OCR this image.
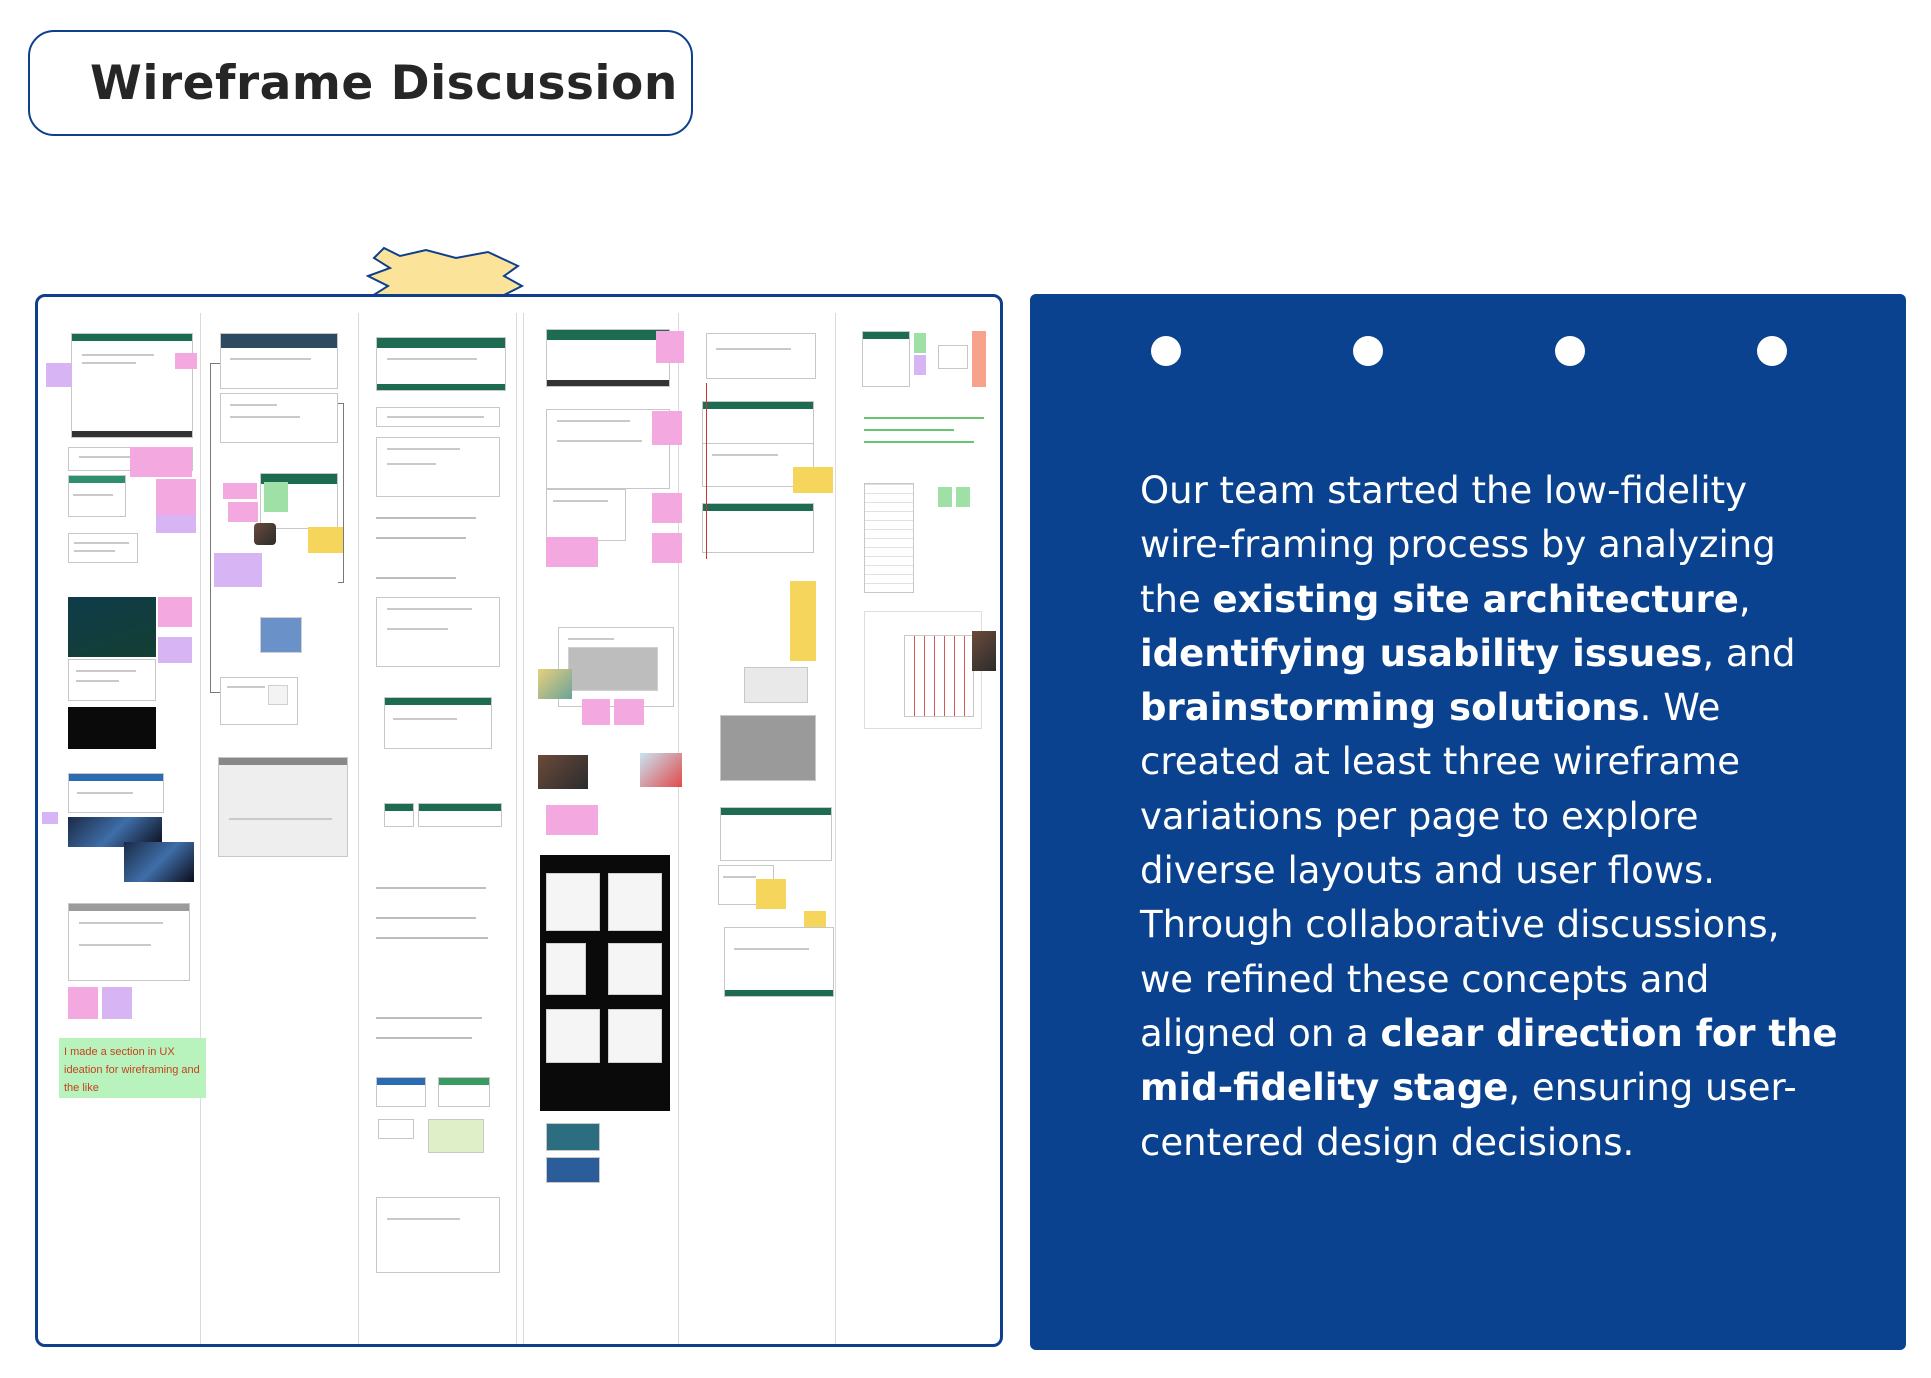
Wireframe Discussion
I made a section in UX ideation for wireframing and the like
Our team started the low-fidelity wire-framing process by analyzing the existing site architecture, identifying usability issues, and brainstorming solutions. We created at least three wireframe variations per page to explore diverse layouts and user flows. Through collaborative discussions, we refined these concepts and aligned on a clear direction for the mid-fidelity stage, ensuring user-centered design decisions.
